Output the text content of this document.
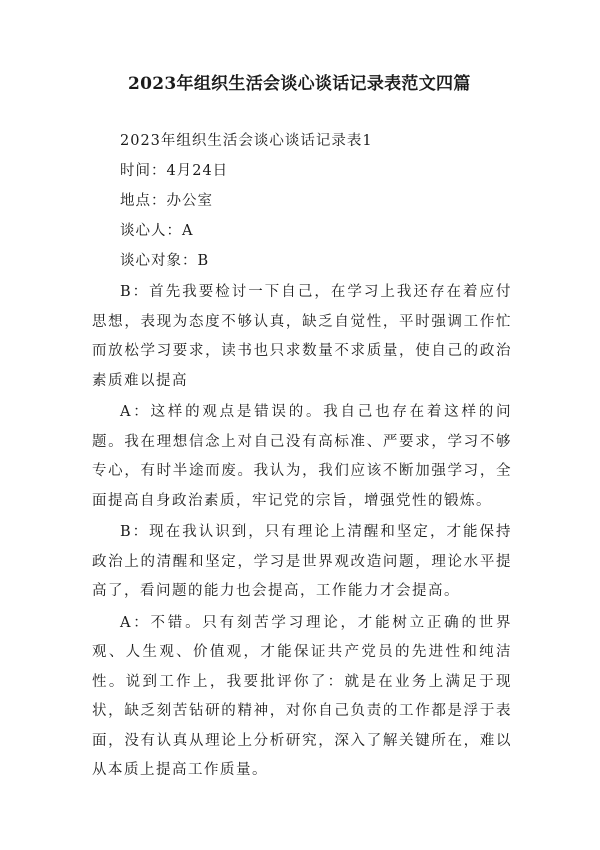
2023年组织生活会谈心谈话记录表范文四篇

2023年组织生活会谈心谈话记录表1

时间：4月24日

地点：办公室

谈心人：A

谈心对象：B

B：首先我要检讨一下自己，在学习上我还存在着应付思想，表现为态度不够认真，缺乏自觉性，平时强调工作忙而放松学习要求，读书也只求数量不求质量，使自己的政治素质难以提高

A：这样的观点是错误的。我自己也存在着这样的问题。我在理想信念上对自己没有高标准、严要求，学习不够专心，有时半途而废。我认为，我们应该不断加强学习，全面提高自身政治素质，牢记党的宗旨，增强党性的锻炼。

B：现在我认识到，只有理论上清醒和坚定，才能保持政治上的清醒和坚定，学习是世界观改造问题，理论水平提高了，看问题的能力也会提高，工作能力才会提高。

A：不错。只有刻苦学习理论，才能树立正确的世界观、人生观、价值观，才能保证共产党员的先进性和纯洁性。说到工作上，我要批评你了：就是在业务上满足于现状，缺乏刻苦钻研的精神，对你自己负责的工作都是浮于表面，没有认真从理论上分析研究，深入了解关键所在，难以从本质上提高工作质量。
